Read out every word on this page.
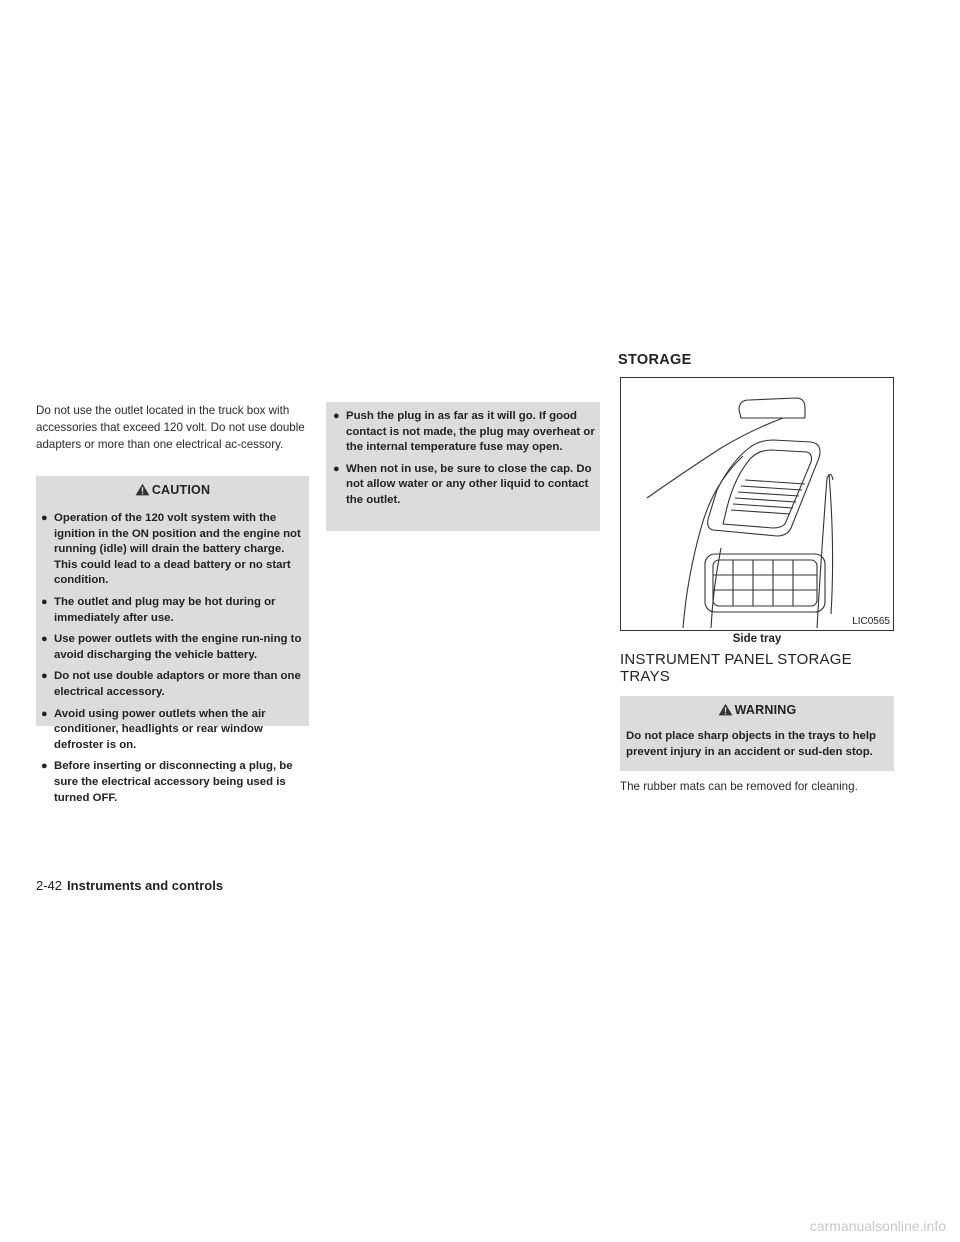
Do not use the outlet located in the truck box with accessories that exceed 120 volt. Do not use double adapters or more than one electrical ac-cessory.

CAUTION
● Operation of the 120 volt system with the ignition in the ON position and the engine not running (idle) will drain the battery charge. This could lead to a dead battery or no start condition.
● The outlet and plug may be hot during or immediately after use.
● Use power outlets with the engine run-ning to avoid discharging the vehicle battery.
● Do not use double adaptors or more than one electrical accessory.
● Avoid using power outlets when the air conditioner, headlights or rear window defroster is on.
● Before inserting or disconnecting a plug, be sure the electrical accessory being used is turned OFF.
● Push the plug in as far as it will go. If good contact is not made, the plug may overheat or the internal temperature fuse may open.
● When not in use, be sure to close the cap. Do not allow water or any other liquid to contact the outlet.
STORAGE
LIC0565
Side tray
INSTRUMENT PANEL STORAGE TRAYS
WARNING

Do not place sharp objects in the trays to help prevent injury in an accident or sud-den stop.

The rubber mats can be removed for cleaning.

2-42 Instruments and controls
carmanualsonline.info
